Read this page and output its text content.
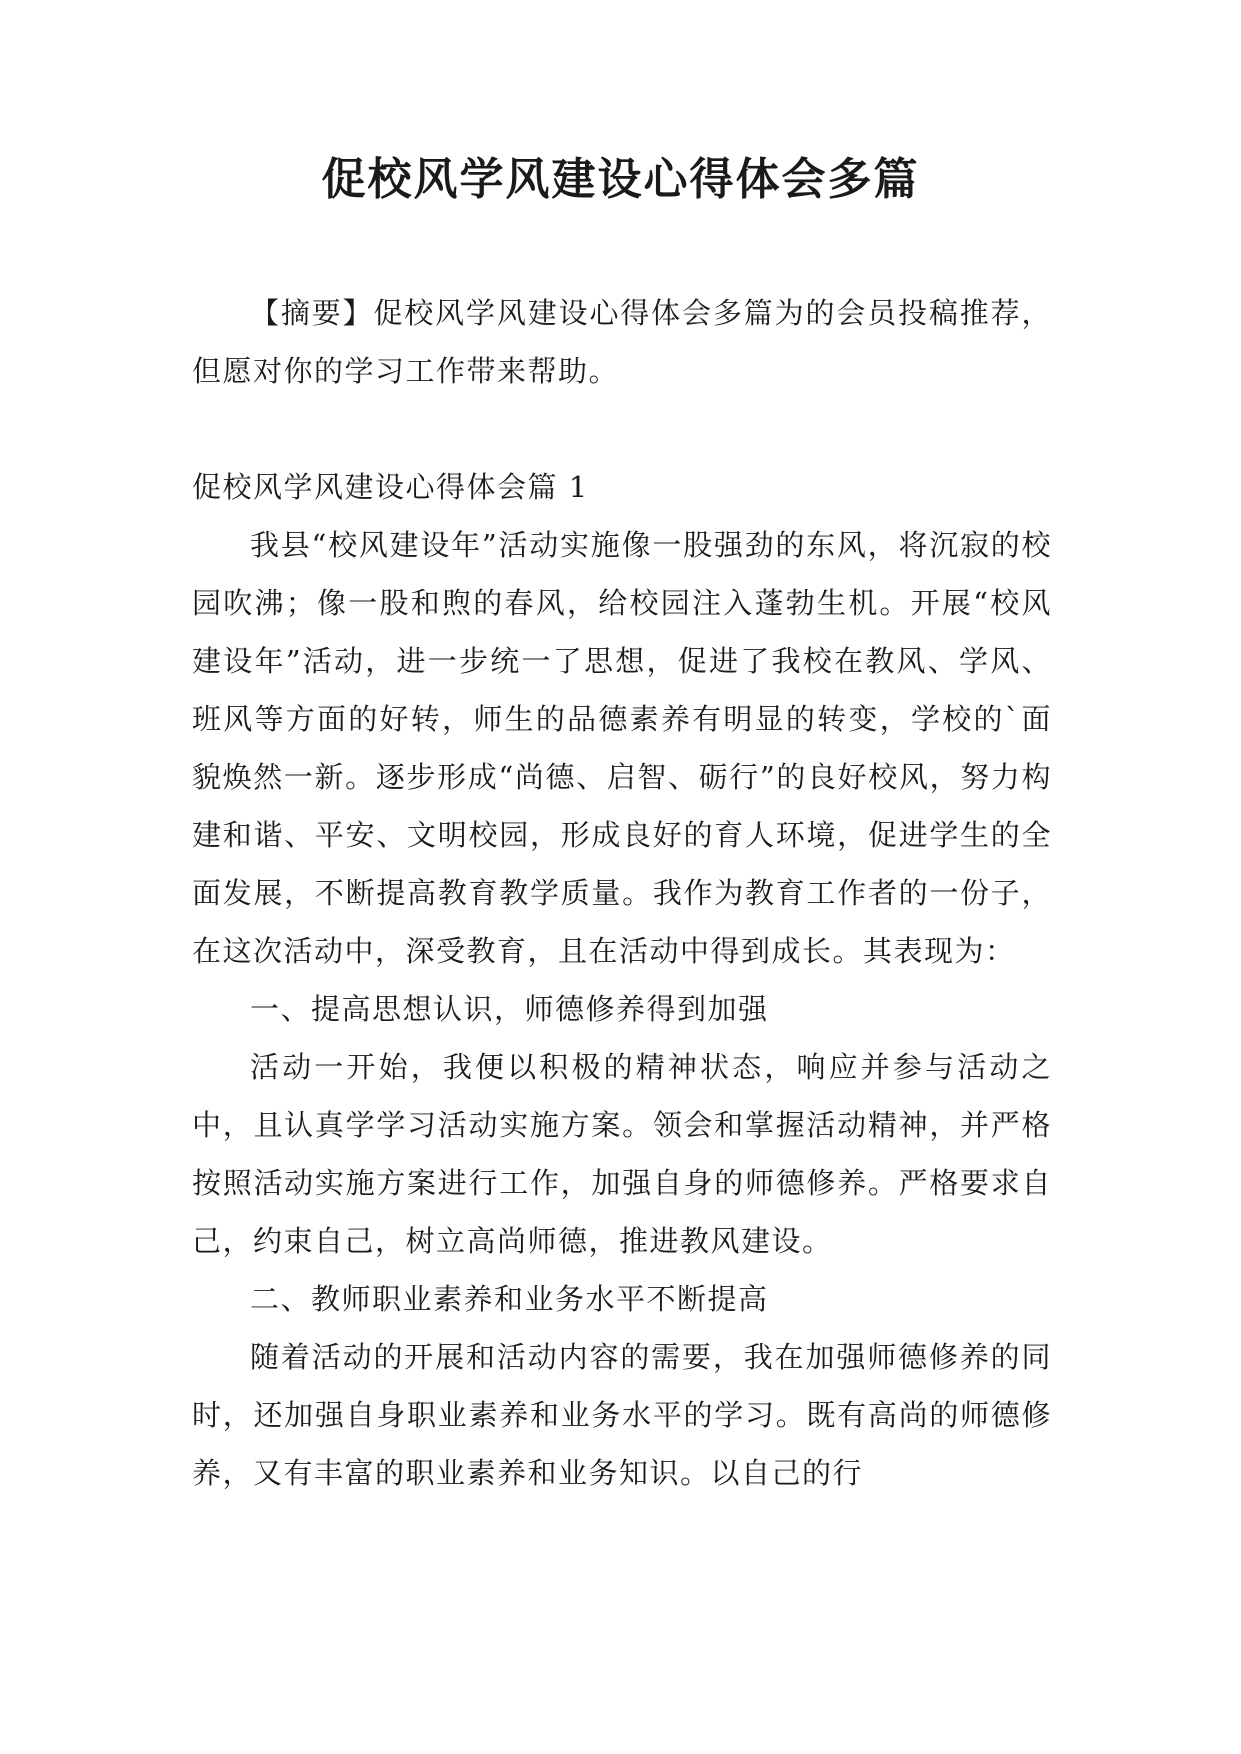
促校风学风建设心得体会多篇

【摘要】促校风学风建设心得体会多篇为的会员投稿推荐，但愿对你的学习工作带来帮助。

促校风学风建设心得体会篇 1

我县“校风建设年”活动实施像一股强劲的东风，将沉寂的校园吹沸；像一股和煦的春风，给校园注入蓬勃生机。开展“校风建设年”活动，进一步统一了思想，促进了我校在教风、学风、班风等方面的好转，师生的品德素养有明显的转变，学校的`面貌焕然一新。逐步形成“尚德、启智、砺行”的良好校风，努力构建和谐、平安、文明校园，形成良好的育人环境，促进学生的全面发展，不断提高教育教学质量。我作为教育工作者的一份子，在这次活动中，深受教育，且在活动中得到成长。其表现为：

一、提高思想认识，师德修养得到加强

活动一开始，我便以积极的精神状态，响应并参与活动之中，且认真学学习活动实施方案。领会和掌握活动精神，并严格按照活动实施方案进行工作，加强自身的师德修养。严格要求自己，约束自己，树立高尚师德，推进教风建设。

二、教师职业素养和业务水平不断提高

随着活动的开展和活动内容的需要，我在加强师德修养的同时，还加强自身职业素养和业务水平的学习。既有高尚的师德修养，又有丰富的职业素养和业务知识。以自己的行
